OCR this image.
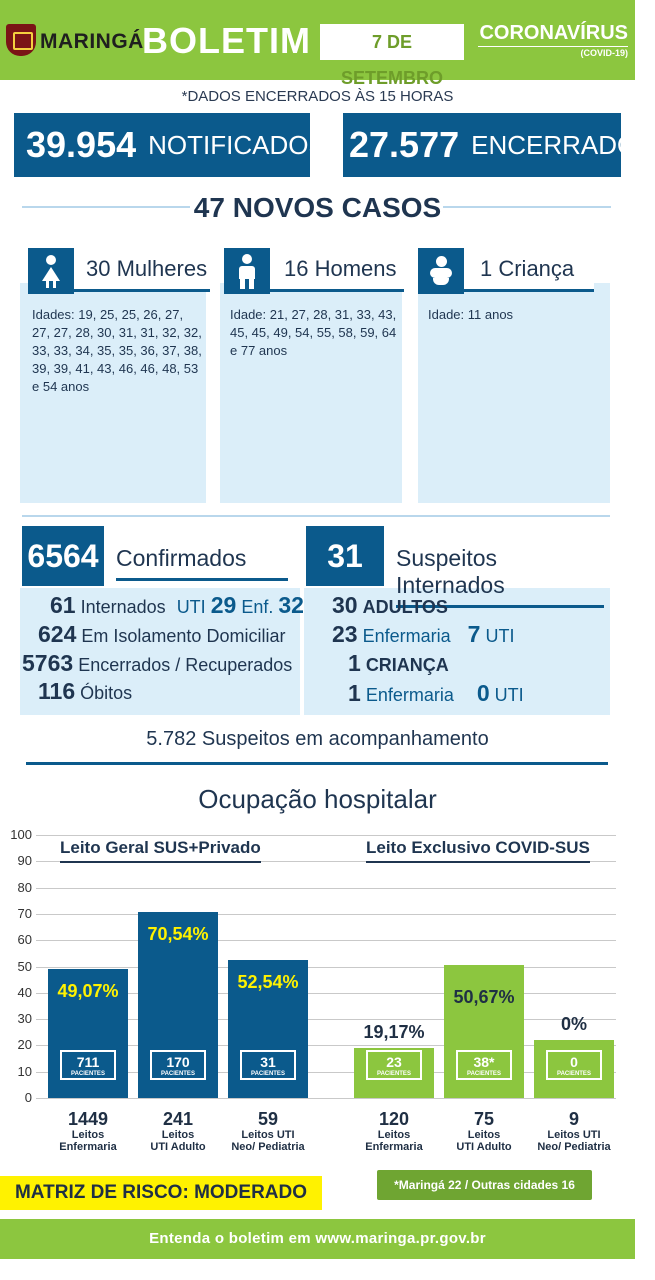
MARINGÁ
BOLETIM	7 DE SETEMBRO
CORONAVÍRUS
(COVID-19)
*DADOS ENCERRADOS ÀS 15 HORAS
39.954 NOTIFICADOS 27.577 ENCERRADOS
47 NOVOS CASOS
30 Mulheres
Idades: 19, 25, 25, 26, 27, 27, 27, 28, 30, 31, 31, 32, 32, 33, 33, 34, 35, 35, 36, 37, 38, 39, 39, 41, 43, 46, 46, 48, 53 e 54 anos
16 Homens
Idade: 21, 27, 28, 31, 33, 43, 45, 45, 49, 54, 55, 58, 59, 64 e 77 anos
1 Criança
Idade: 11 anos
6564 Confirmados
61 Internados UTI 29 Enf. 32
624 Em Isolamento Domiciliar
5763 Encerrados / Recuperados
116 Óbitos
31	Suspeitos Internados
30 ADULTOS
23 Enfermaria 7 UTI
1 CRIANÇA
1 Enfermaria 0 UTI
5.782 Suspeitos em acompanhamento
Ocupação hospitalar
0
10
20
30
40
50
60
70
80
90
100
49,07%
711
PACIENTES
1449
Leitos
Enfermaria
70,54%
170
PACIENTES
241
Leitos
UTI Adulto
52,54%
31
PACIENTES
59
Leitos UTI
Neo/ Pediatria
19,17%
23
PACIENTES
120
Leitos
Enfermaria
50,67%
38*
PACIENTES
75
Leitos
UTI Adulto
0%
0
PACIENTES
9
Leitos UTI
Neo/ Pediatria
Leito Geral SUS+Privado	Leito Exclusivo COVID-SUS
MATRIZ DE RISCO: MODERADO	*Maringá 22 / Outras cidades 16
Entenda o boletim em www.maringa.pr.gov.br
